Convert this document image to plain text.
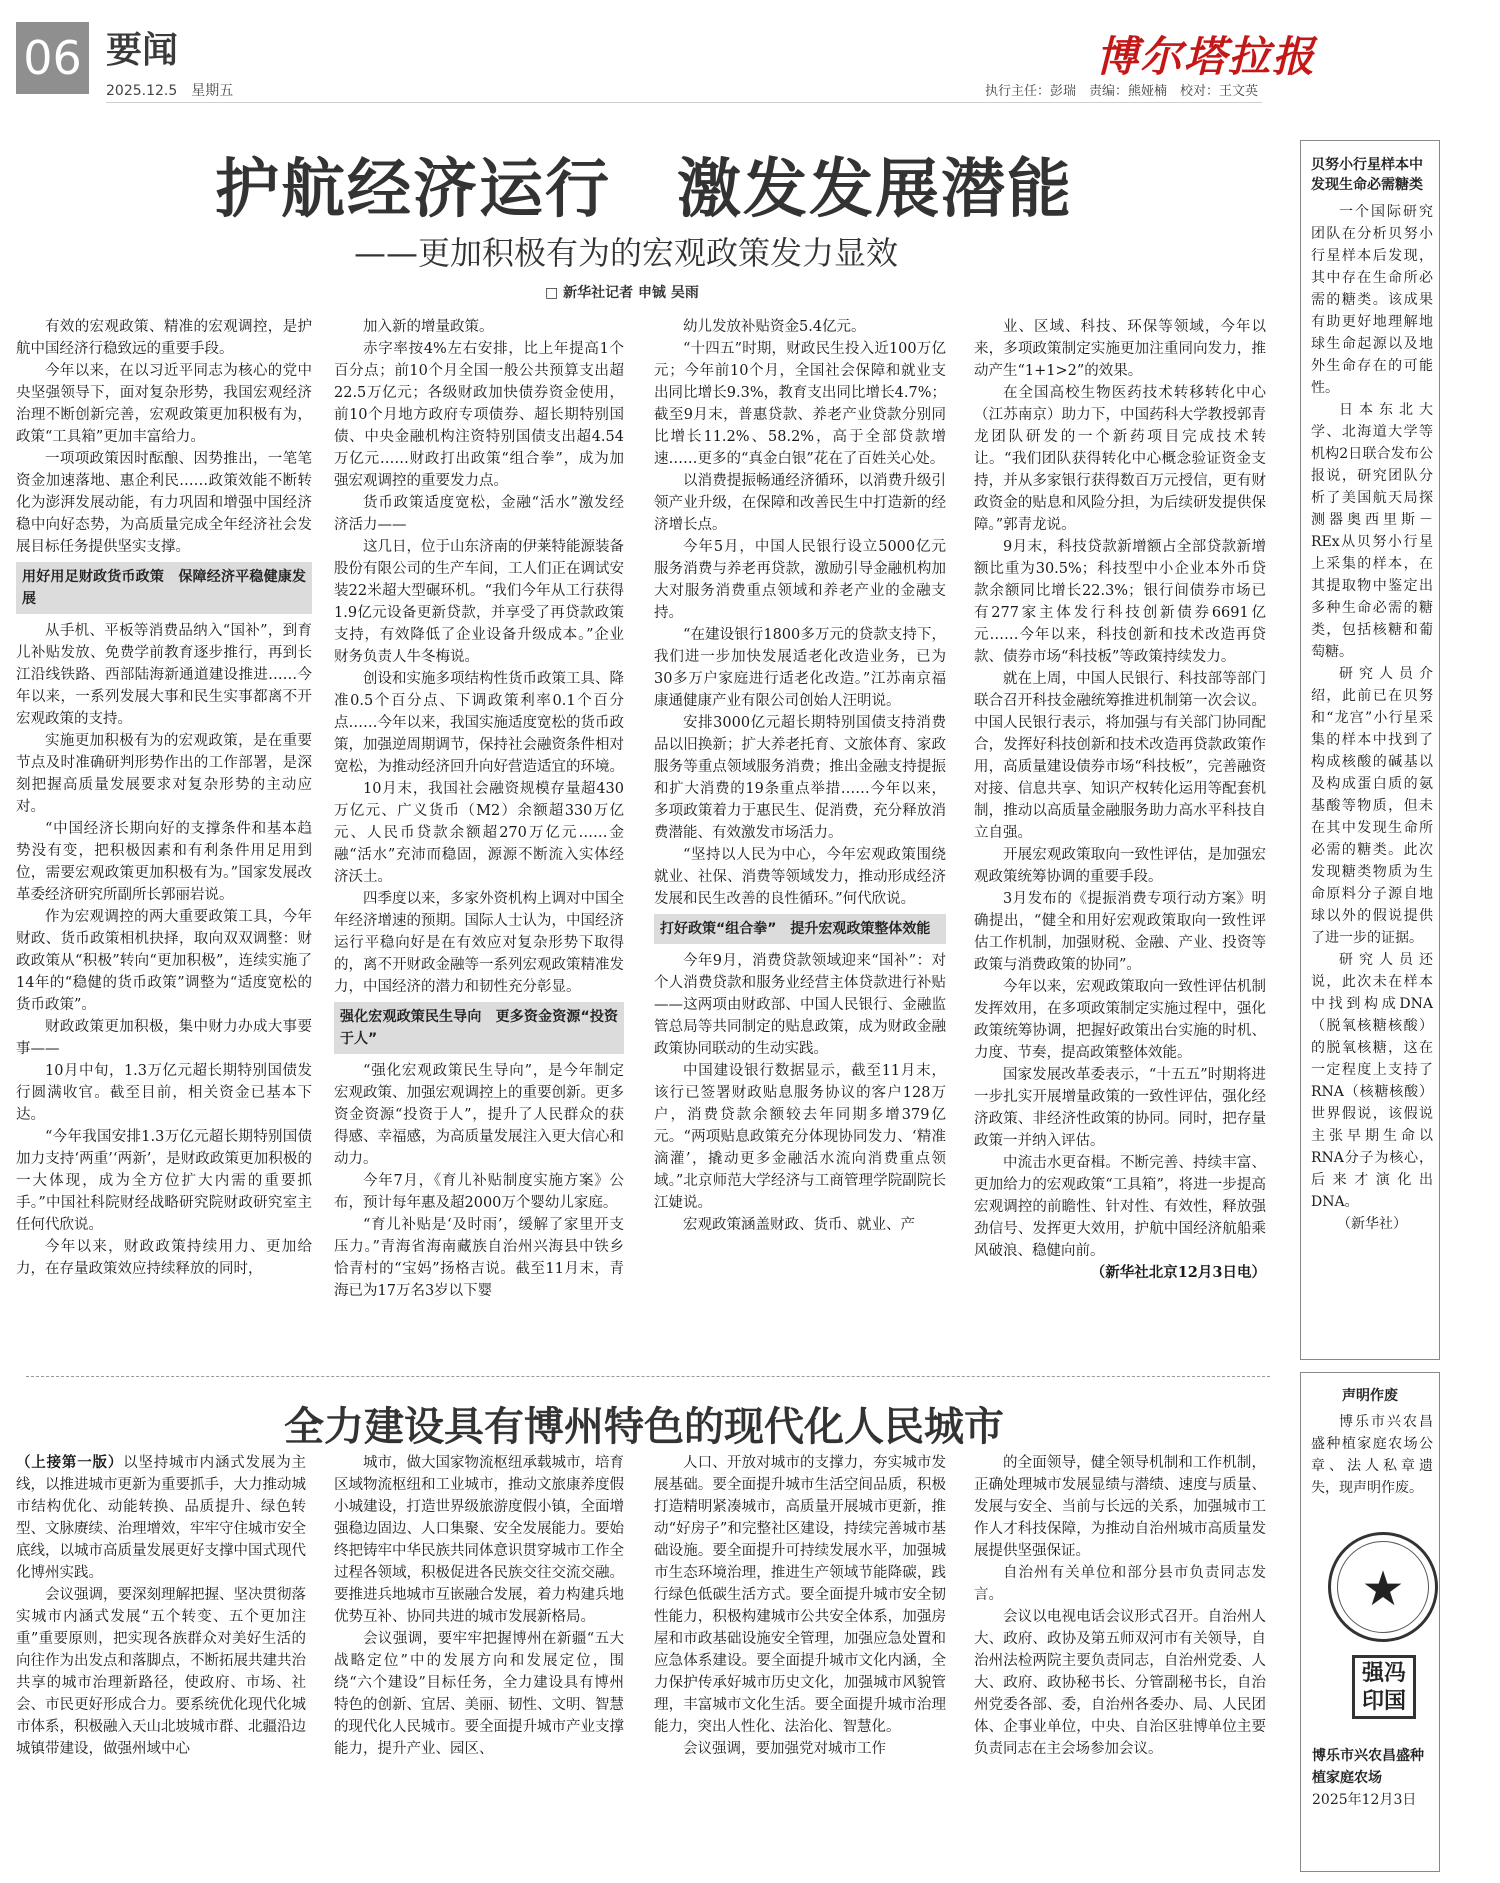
06 要闻
2025.12.5　星期五
博尔塔拉报
执行主任：彭瑞　责编：熊娅楠　校对：王文英
护航经济运行　激发发展潜能
——更加积极有为的宏观政策发力显效
□ 新华社记者 申铖 吴雨

有效的宏观政策、精准的宏观调控，是护航中国经济行稳致远的重要手段。

今年以来，在以习近平同志为核心的党中央坚强领导下，面对复杂形势，我国宏观经济治理不断创新完善，宏观政策更加积极有为，政策“工具箱”更加丰富给力。

一项项政策因时酝酿、因势推出，一笔笔资金加速落地、惠企利民……政策效能不断转化为澎湃发展动能，有力巩固和增强中国经济稳中向好态势，为高质量完成全年经济社会发展目标任务提供坚实支撑。

用好用足财政货币政策　保障经济平稳健康发展

从手机、平板等消费品纳入“国补”，到育儿补贴发放、免费学前教育逐步推行，再到长江沿线铁路、西部陆海新通道建设推进……今年以来，一系列发展大事和民生实事都离不开宏观政策的支持。

实施更加积极有为的宏观政策，是在重要节点及时准确研判形势作出的工作部署，是深刻把握高质量发展要求对复杂形势的主动应对。

“中国经济长期向好的支撑条件和基本趋势没有变，把积极因素和有利条件用足用到位，需要宏观政策更加积极有为。”国家发展改革委经济研究所副所长郭丽岩说。

作为宏观调控的两大重要政策工具，今年财政、货币政策相机抉择，取向双双调整：财政政策从“积极”转向“更加积极”，连续实施了14年的“稳健的货币政策”调整为“适度宽松的货币政策”。

财政政策更加积极，集中财力办成大事要事——

10月中旬，1.3万亿元超长期特别国债发行圆满收官。截至目前，相关资金已基本下达。

“今年我国安排1.3万亿元超长期特别国债加力支持‘两重’‘两新’，是财政政策更加积极的一大体现，成为全方位扩大内需的重要抓手。”中国社科院财经战略研究院财政研究室主任何代欣说。

今年以来，财政政策持续用力、更加给力，在存量政策效应持续释放的同时，

加入新的增量政策。

赤字率按4%左右安排，比上年提高1个百分点；前10个月全国一般公共预算支出超22.5万亿元；各级财政加快债券资金使用，前10个月地方政府专项债券、超长期特别国债、中央金融机构注资特别国债支出超4.54万亿元……财政打出政策“组合拳”，成为加强宏观调控的重要发力点。

货币政策适度宽松，金融“活水”激发经济活力——

这几日，位于山东济南的伊莱特能源装备股份有限公司的生产车间，工人们正在调试安装22米超大型碾环机。“我们今年从工行获得1.9亿元设备更新贷款，并享受了再贷款政策支持，有效降低了企业设备升级成本。”企业财务负责人牛冬梅说。

创设和实施多项结构性货币政策工具、降准0.5个百分点、下调政策利率0.1个百分点……今年以来，我国实施适度宽松的货币政策，加强逆周期调节，保持社会融资条件相对宽松，为推动经济回升向好营造适宜的环境。

10月末，我国社会融资规模存量超430万亿元、广义货币（M2）余额超330万亿元、人民币贷款余额超270万亿元……金融“活水”充沛而稳固，源源不断流入实体经济沃土。

四季度以来，多家外资机构上调对中国全年经济增速的预期。国际人士认为，中国经济运行平稳向好是在有效应对复杂形势下取得的，离不开财政金融等一系列宏观政策精准发力，中国经济的潜力和韧性充分彰显。

强化宏观政策民生导向　更多资金资源“投资于人”

“强化宏观政策民生导向”，是今年制定宏观政策、加强宏观调控上的重要创新。更多资金资源“投资于人”，提升了人民群众的获得感、幸福感，为高质量发展注入更大信心和动力。

今年7月，《育儿补贴制度实施方案》公布，预计每年惠及超2000万个婴幼儿家庭。

“育儿补贴是‘及时雨’，缓解了家里开支压力。”青海省海南藏族自治州兴海县中铁乡恰青村的“宝妈”扬格吉说。截至11月末，青海已为17万名3岁以下婴

幼儿发放补贴资金5.4亿元。

“十四五”时期，财政民生投入近100万亿元；今年前10个月，全国社会保障和就业支出同比增长9.3%，教育支出同比增长4.7%；截至9月末，普惠贷款、养老产业贷款分别同比增长11.2%、58.2%，高于全部贷款增速……更多的“真金白银”花在了百姓关心处。

以消费提振畅通经济循环，以消费升级引领产业升级，在保障和改善民生中打造新的经济增长点。

今年5月，中国人民银行设立5000亿元服务消费与养老再贷款，激励引导金融机构加大对服务消费重点领域和养老产业的金融支持。

“在建设银行1800多万元的贷款支持下，我们进一步加快发展适老化改造业务，已为30多万户家庭进行适老化改造。”江苏南京福康通健康产业有限公司创始人汪明说。

安排3000亿元超长期特别国债支持消费品以旧换新；扩大养老托育、文旅体育、家政服务等重点领域服务消费；推出金融支持提振和扩大消费的19条重点举措……今年以来，多项政策着力于惠民生、促消费，充分释放消费潜能、有效激发市场活力。

“坚持以人民为中心，今年宏观政策围绕就业、社保、消费等领域发力，推动形成经济发展和民生改善的良性循环。”何代欣说。

打好政策“组合拳”　提升宏观政策整体效能

今年9月，消费贷款领域迎来“国补”：对个人消费贷款和服务业经营主体贷款进行补贴——这两项由财政部、中国人民银行、金融监管总局等共同制定的贴息政策，成为财政金融政策协同联动的生动实践。

中国建设银行数据显示，截至11月末，该行已签署财政贴息服务协议的客户128万户，消费贷款余额较去年同期多增379亿元。“两项贴息政策充分体现协同发力、‘精准滴灌’，撬动更多金融活水流向消费重点领域。”北京师范大学经济与工商管理学院副院长江婕说。

宏观政策涵盖财政、货币、就业、产

业、区域、科技、环保等领域，今年以来，多项政策制定实施更加注重同向发力，推动产生“1+1>2”的效果。

在全国高校生物医药技术转移转化中心（江苏南京）助力下，中国药科大学教授郭青龙团队研发的一个新药项目完成技术转让。“我们团队获得转化中心概念验证资金支持，并从多家银行获得数百万元授信，更有财政资金的贴息和风险分担，为后续研发提供保障。”郭青龙说。

9月末，科技贷款新增额占全部贷款新增额比重为30.5%；科技型中小企业本外币贷款余额同比增长22.3%；银行间债券市场已有277家主体发行科技创新债券6691亿元……今年以来，科技创新和技术改造再贷款、债券市场“科技板”等政策持续发力。

就在上周，中国人民银行、科技部等部门联合召开科技金融统筹推进机制第一次会议。中国人民银行表示，将加强与有关部门协同配合，发挥好科技创新和技术改造再贷款政策作用，高质量建设债券市场“科技板”，完善融资对接、信息共享、知识产权转化运用等配套机制，推动以高质量金融服务助力高水平科技自立自强。

开展宏观政策取向一致性评估，是加强宏观政策统筹协调的重要手段。

3月发布的《提振消费专项行动方案》明确提出，“健全和用好宏观政策取向一致性评估工作机制，加强财税、金融、产业、投资等政策与消费政策的协同”。

今年以来，宏观政策取向一致性评估机制发挥效用，在多项政策制定实施过程中，强化政策统筹协调，把握好政策出台实施的时机、力度、节奏，提高政策整体效能。

国家发展改革委表示，“十五五”时期将进一步扎实开展增量政策的一致性评估，强化经济政策、非经济性政策的协同。同时，把存量政策一并纳入评估。

中流击水更奋楫。不断完善、持续丰富、更加给力的宏观政策“工具箱”，将进一步提高宏观调控的前瞻性、针对性、有效性，释放强劲信号、发挥更大效用，护航中国经济航船乘风破浪、稳健向前。

（新华社北京12月3日电）

贝努小行星样本中发现生命必需糖类

一个国际研究团队在分析贝努小行星样本后发现，其中存在生命所必需的糖类。该成果有助更好地理解地球生命起源以及地外生命存在的可能性。

日本东北大学、北海道大学等机构2日联合发布公报说，研究团队分析了美国航天局探测器奥西里斯－REx从贝努小行星上采集的样本，在其提取物中鉴定出多种生命必需的糖类，包括核糖和葡萄糖。

研究人员介绍，此前已在贝努和“龙宫”小行星采集的样本中找到了构成核酸的碱基以及构成蛋白质的氨基酸等物质，但未在其中发现生命所必需的糖类。此次发现糖类物质为生命原料分子源自地球以外的假说提供了进一步的证据。

研究人员还说，此次未在样本中找到构成DNA（脱氧核糖核酸）的脱氧核糖，这在一定程度上支持了RNA（核糖核酸）世界假说，该假说主张早期生命以RNA分子为核心，后来才演化出DNA。

（新华社）

声明作废

博乐市兴农昌盛种植家庭农场公章、法人私章遗失，现声明作废。

★
强冯印国
博乐市兴农昌盛种植家庭农场
2025年12月3日
全力建设具有博州特色的现代化人民城市

（上接第一版）以坚持城市内涵式发展为主线，以推进城市更新为重要抓手，大力推动城市结构优化、动能转换、品质提升、绿色转型、文脉赓续、治理增效，牢牢守住城市安全底线，以城市高质量发展更好支撑中国式现代化博州实践。

会议强调，要深刻理解把握、坚决贯彻落实城市内涵式发展“五个转变、五个更加注重”重要原则，把实现各族群众对美好生活的向往作为出发点和落脚点，不断拓展共建共治共享的城市治理新路径，使政府、市场、社会、市民更好形成合力。要系统优化现代化城市体系，积极融入天山北坡城市群、北疆沿边城镇带建设，做强州域中心

城市，做大国家物流枢纽承载城市，培育区域物流枢纽和工业城市，推动文旅康养度假小城建设，打造世界级旅游度假小镇，全面增强稳边固边、人口集聚、安全发展能力。要始终把铸牢中华民族共同体意识贯穿城市工作全过程各领域，积极促进各民族交往交流交融。要推进兵地城市互嵌融合发展，着力构建兵地优势互补、协同共进的城市发展新格局。

会议强调，要牢牢把握博州在新疆“五大战略定位”中的发展方向和发展定位，围绕“六个建设”目标任务，全力建设具有博州特色的创新、宜居、美丽、韧性、文明、智慧的现代化人民城市。要全面提升城市产业支撑能力，提升产业、园区、

人口、开放对城市的支撑力，夯实城市发展基础。要全面提升城市生活空间品质，积极打造精明紧凑城市，高质量开展城市更新，推动“好房子”和完整社区建设，持续完善城市基础设施。要全面提升可持续发展水平，加强城市生态环境治理，推进生产领域节能降碳，践行绿色低碳生活方式。要全面提升城市安全韧性能力，积极构建城市公共安全体系，加强房屋和市政基础设施安全管理，加强应急处置和应急体系建设。要全面提升城市文化内涵，全力保护传承好城市历史文化，加强城市风貌管理，丰富城市文化生活。要全面提升城市治理能力，突出人性化、法治化、智慧化。

会议强调，要加强党对城市工作

的全面领导，健全领导机制和工作机制，正确处理城市发展显绩与潜绩、速度与质量、发展与安全、当前与长远的关系，加强城市工作人才科技保障，为推动自治州城市高质量发展提供坚强保证。

自治州有关单位和部分县市负责同志发言。

会议以电视电话会议形式召开。自治州人大、政府、政协及第五师双河市有关领导，自治州法检两院主要负责同志，自治州党委、人大、政府、政协秘书长、分管副秘书长，自治州党委各部、委，自治州各委办、局、人民团体、企事业单位，中央、自治区驻博单位主要负责同志在主会场参加会议。
